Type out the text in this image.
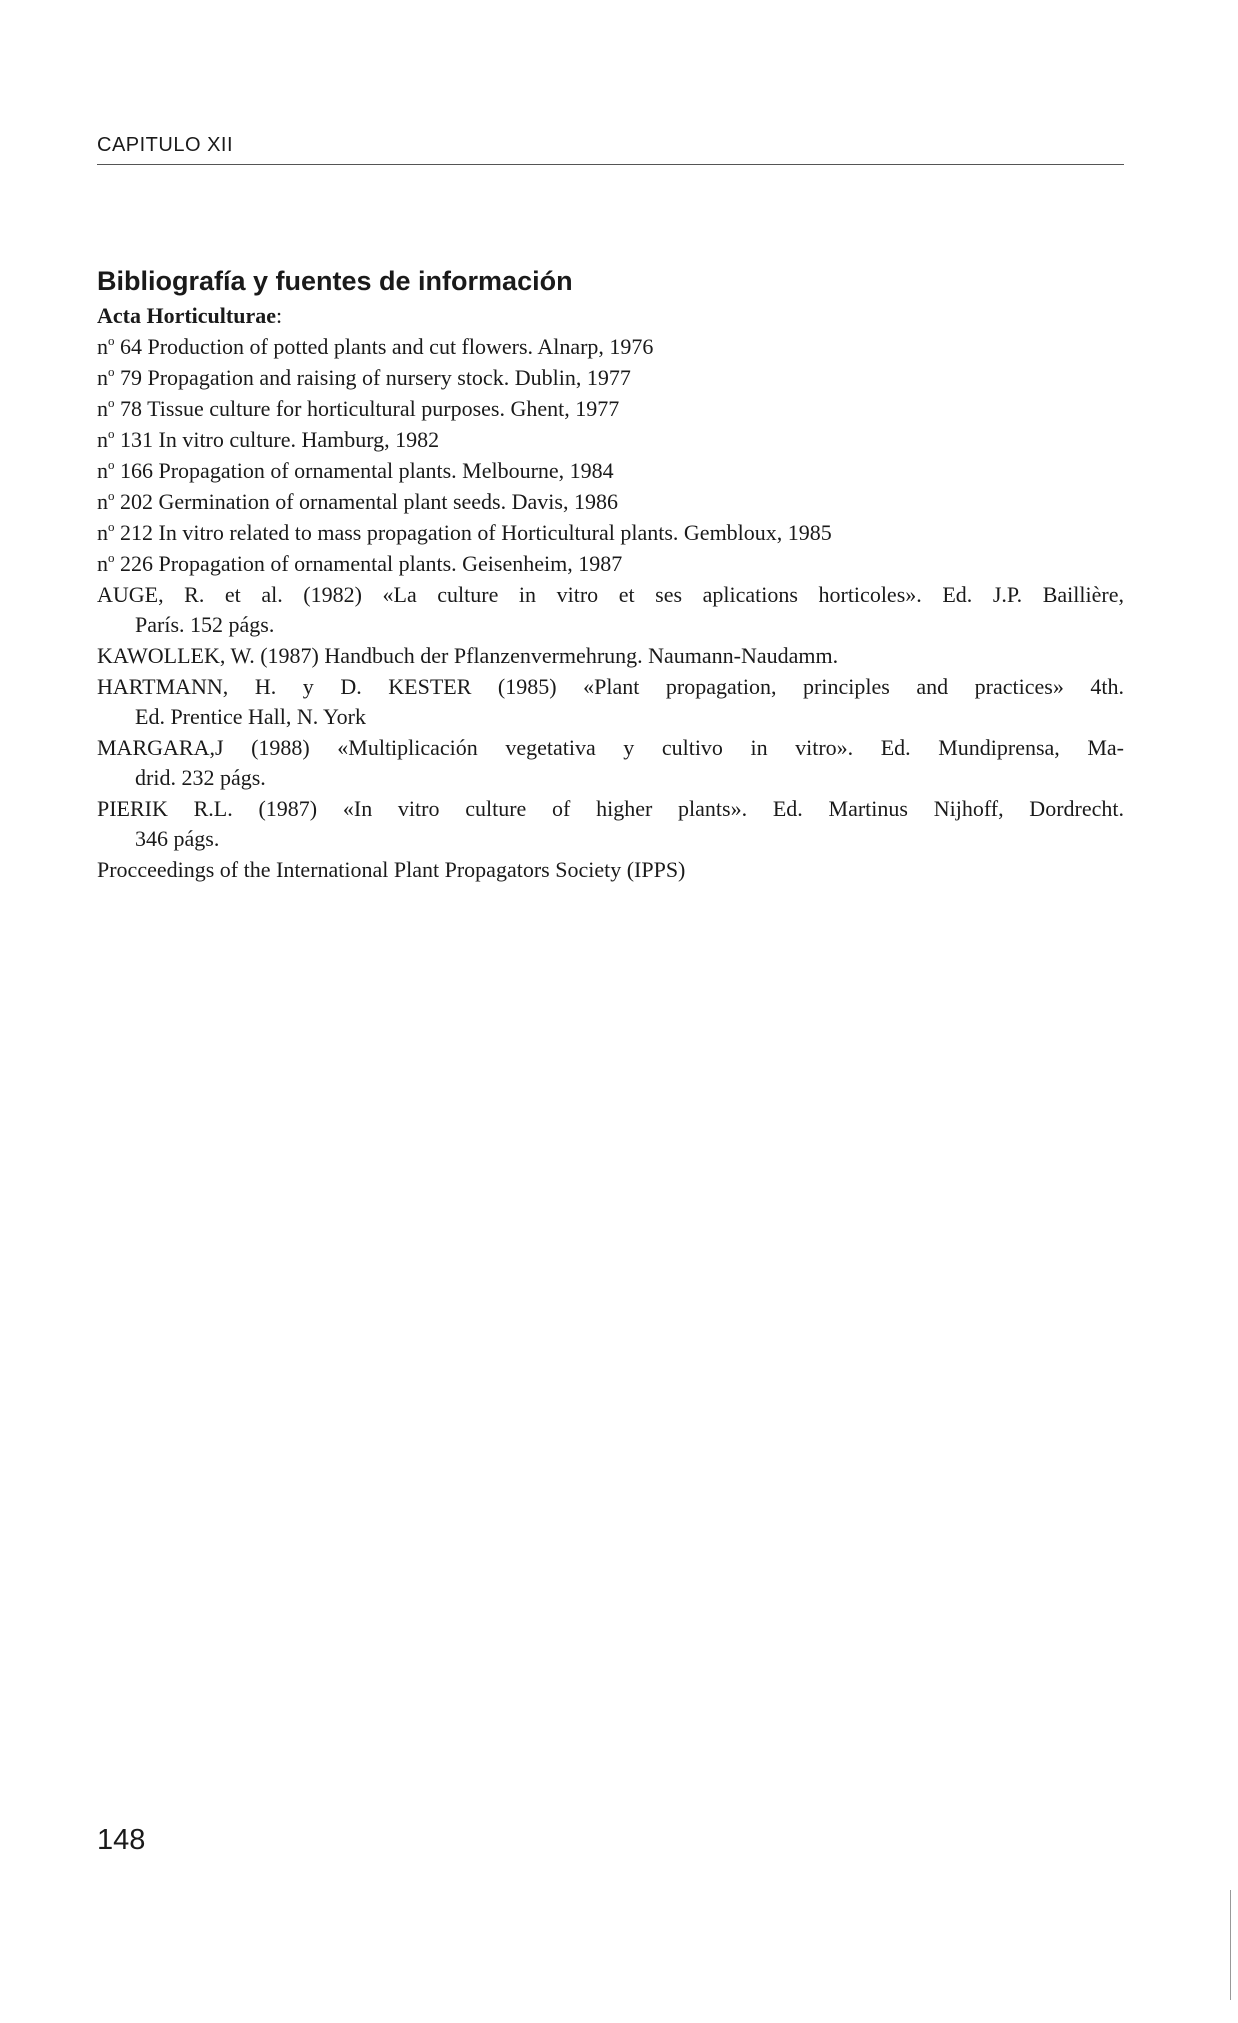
CAPITULO XII
Bibliografía y fuentes de información
Acta Horticulturae:
$n^o$ 64 Production of potted plants and cut flowers. Alnarp, 1976
$n^o$ 79 Propagation and raising of nursery stock. Dublin, 1977
$n^o$ 78 Tissue culture for horticultural purposes. Ghent, 1977
$n^o$ 131 In vitro culture. Hamburg, 1982
$n^o$ 166 Propagation of ornamental plants. Melbourne, 1984
$n^o$ 202 Germination of ornamental plant seeds. Davis, 1986
$n^o$ 212 In vitro related to mass propagation of Horticultural plants. Gembloux, 1985
$n^o$ 226 Propagation of ornamental plants. Geisenheim, 1987
AUGE, R. et al. (1982) «La culture in vitro et ses aplications horticoles». Ed. J.P. Baillière,
París. 152 págs.
KAWOLLEK, W. (1987) Handbuch der Pflanzenvermehrung. Naumann-Naudamm.
HARTMANN, H. y D. KESTER (1985) «Plant propagation, principles and practices» 4th.
Ed. Prentice Hall, N. York
MARGARA,J (1988) «Multiplicación vegetativa y cultivo in vitro». Ed. Mundiprensa, Ma-
drid. 232 págs.
PIERIK R.L. (1987) «In vitro culture of higher plants». Ed. Martinus Nijhoff, Dordrecht.
346 págs.
Procceedings of the International Plant Propagators Society (IPPS)
148
